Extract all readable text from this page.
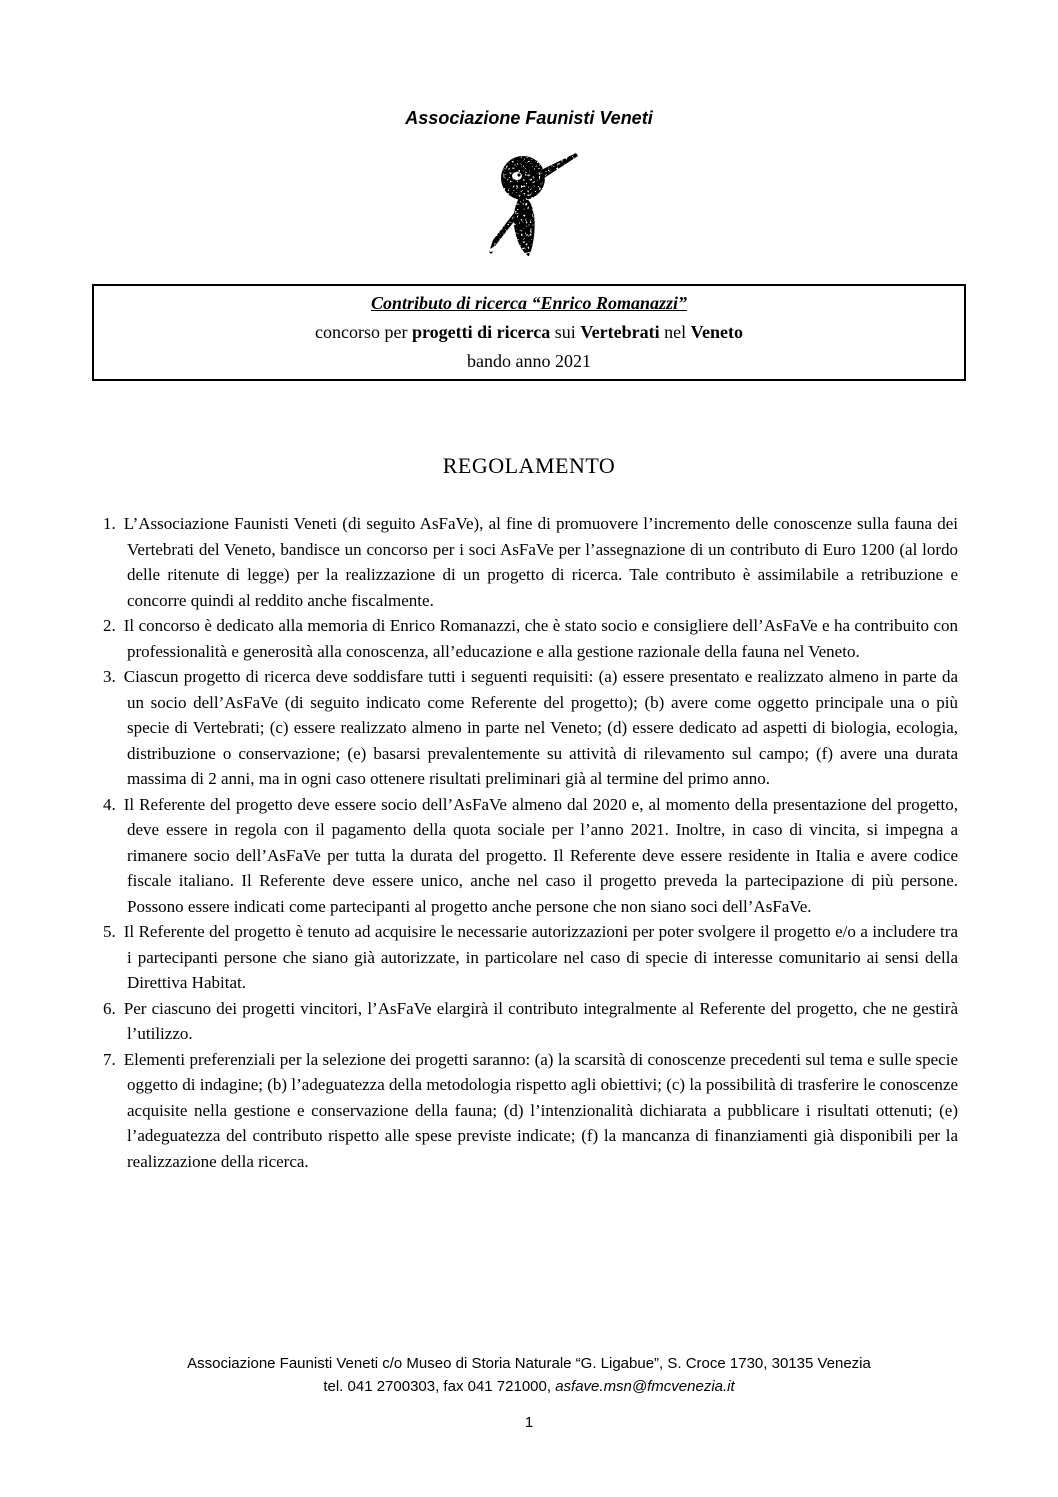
Associazione Faunisti Veneti
Contributo di ricerca “Enrico Romanazzi”
concorso per progetti di ricerca sui Vertebrati nel Veneto
bando anno 2021
REGOLAMENTO
1. L’Associazione Faunisti Veneti (di seguito AsFaVe), al fine di promuovere l’incremento delle conoscenze sulla fauna dei Vertebrati del Veneto, bandisce un concorso per i soci AsFaVe per l’assegnazione di un contributo di Euro 1200 (al lordo delle ritenute di legge) per la realizzazione di un progetto di ricerca. Tale contributo è assimilabile a retribuzione e concorre quindi al reddito anche fiscalmente.
2. Il concorso è dedicato alla memoria di Enrico Romanazzi, che è stato socio e consigliere dell’AsFaVe e ha contribuito con professionalità e generosità alla conoscenza, all’educazione e alla gestione razionale della fauna nel Veneto.
3. Ciascun progetto di ricerca deve soddisfare tutti i seguenti requisiti: (a) essere presentato e realizzato almeno in parte da un socio dell’AsFaVe (di seguito indicato come Referente del progetto); (b) avere come oggetto principale una o più specie di Vertebrati; (c) essere realizzato almeno in parte nel Veneto; (d) essere dedicato ad aspetti di biologia, ecologia, distribuzione o conservazione; (e) basarsi prevalentemente su attività di rilevamento sul campo; (f) avere una durata massima di 2 anni, ma in ogni caso ottenere risultati preliminari già al termine del primo anno.
4. Il Referente del progetto deve essere socio dell’AsFaVe almeno dal 2020 e, al momento della presentazione del progetto, deve essere in regola con il pagamento della quota sociale per l’anno 2021. Inoltre, in caso di vincita, si impegna a rimanere socio dell’AsFaVe per tutta la durata del progetto. Il Referente deve essere residente in Italia e avere codice fiscale italiano. Il Referente deve essere unico, anche nel caso il progetto preveda la partecipazione di più persone. Possono essere indicati come partecipanti al progetto anche persone che non siano soci dell’AsFaVe.
5. Il Referente del progetto è tenuto ad acquisire le necessarie autorizzazioni per poter svolgere il progetto e/o a includere tra i partecipanti persone che siano già autorizzate, in particolare nel caso di specie di interesse comunitario ai sensi della Direttiva Habitat.
6. Per ciascuno dei progetti vincitori, l’AsFaVe elargirà il contributo integralmente al Referente del progetto, che ne gestirà l’utilizzo.
7. Elementi preferenziali per la selezione dei progetti saranno: (a) la scarsità di conoscenze precedenti sul tema e sulle specie oggetto di indagine; (b) l’adeguatezza della metodologia rispetto agli obiettivi; (c) la possibilità di trasferire le conoscenze acquisite nella gestione e conservazione della fauna; (d) l’intenzionalità dichiarata a pubblicare i risultati ottenuti; (e) l’adeguatezza del contributo rispetto alle spese previste indicate; (f) la mancanza di finanziamenti già disponibili per la realizzazione della ricerca.
Associazione Faunisti Veneti c/o Museo di Storia Naturale “G. Ligabue”, S. Croce 1730, 30135 Venezia
tel. 041 2700303, fax 041 721000, asfave.msn@fmcvenezia.it
1
